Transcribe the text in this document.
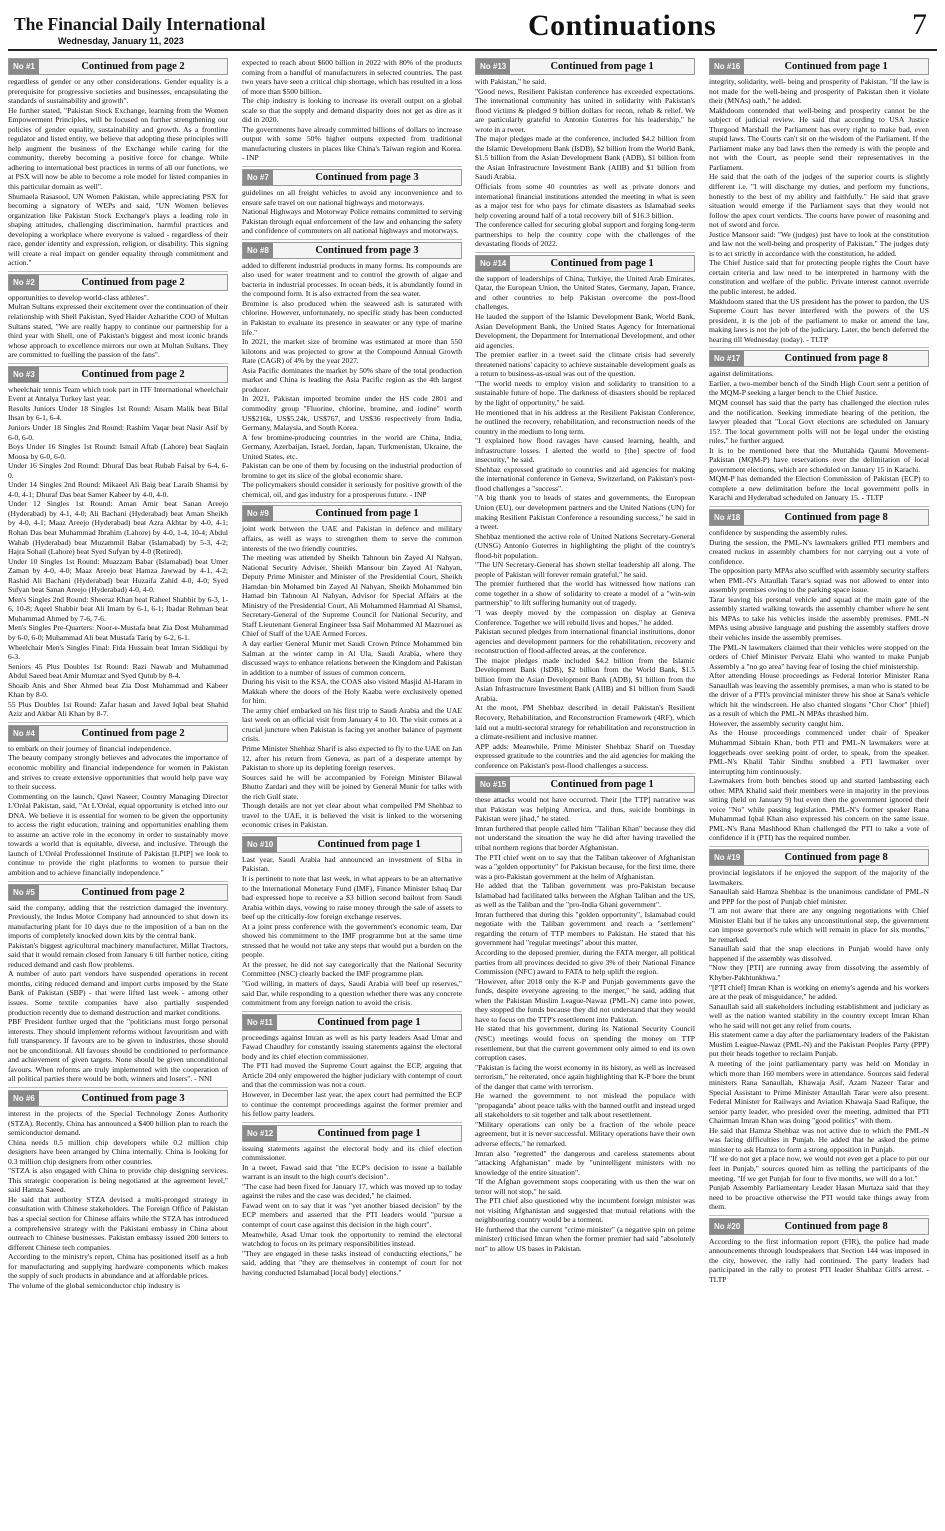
The Financial Daily International
Wednesday, January 11, 2023	Continuations	7
No #1	Continued from page 2

regardless of gender or any other considerations. Gender equality is a prerequisite for progressive societies and businesses, encapsulating the standards of sustainability and growth".
He further stated, "Pakistan Stock Exchange, learning from the Women Empowerment Principles, will be focused on further strengthening our policies of gender equality, sustainability and growth. As a frontline regulator and listed entity, we believe that adopting these principles will help augment the business of the Exchange while caring for the community, thereby becoming a positive force for change. While adhering to international best practices in terms of all our functions, we at PSX will now be able to become a role model for listed companies in this particular domain as well".
Shumaela Rasasool, UN Women Pakistan, while appreciating PSX for becoming a signatory of WEPs and said, "UN Women believes organization like Pakistan Stock Exchange's plays a leading role in shaping attitudes, challenging discrimination, harmful practices and developing a workplace where everyone is valued - regardless of their race, gender identity and expression, religion, or disability. This signing will create a real impact on gender equality through commitment and action."

No #2	Continued from page 2

opportunities to develop world-class athletes".
Multan Sultans expressed their excitement over the continuation of their relationship with Shell Pakistan, Syed Haider Azharithe COO of Multan Sultans stated, "We are really happy to continue our partnership for a third year with Shell, one of Pakistan's biggest and most iconic brands whose approach to excellence mirrors our own at Multan Sultans. They are committed to fuelling the passion of the fans".

No #3	Continued from page 2

wheelchair tennis Team which took part in ITF International wheelchair Event at Antalya Turkey last year.
Results Juniors Under 18 Singles 1st Round: Aisam Malik beat Bilal Ihsan by 6-1, 6-4.
Juniors Under 18 Singles 2nd Round: Rashim Vaqar beat Nasir Asif by 6-0, 6-0.
Boys Under 16 Singles 1st Round: Ismail Aftab (Lahore) beat Saqlain Moosa by 6-0, 6-0.
Under 16 Singles 2nd Round: Dhuraf Das beat Rubab Faisal by 6-4, 6-0.
Under 14 Singles 2nd Round: Mikaeel Ali Baig beat Laraib Shamsi by 4-0, 4-1; Dhuraf Das beat Samer Kabeer by 4-0, 4-0.
Under 12 Singles 1st Round: Aman Amir beat Sanan Areejo (Hyderabad) by 4-1, 4-0; Ali Bachani (Hyderabad) beat Aman Sheikh by 4-0, 4-1; Maaz Areejo (Hyderabad) beat Azra Akhtar by 4-0, 4-1; Rohan Das beat Muhammad Ibrahim (Lahore) by 4-0, 1-4, 10-4; Abdul Wahab (Hyderabad) beat Muzammil Babar (Islamabad) by 5-3, 4-2; Hajra Sohail (Lahore) beat Syed Sufyan by 4-0 (Retired).
Under 10 Singles 1st Round: Muazzam Babar (Islamabad) beat Umer Zaman by 4-0, 4-0; Maaz Areejo beat Hamza Jawwad by 4-1, 4-2; Rashid Ali Bachani (Hyderabad) beat Huzaifa Zahid 4-0, 4-0; Syed Sufyan beat Sanan Areejo (Hyderabad) 4-0, 4-0.
Men's Singles 2nd Round: Sheeraz Khan beat Raheel Shabbir by 6-3, 1-6, 10-8; Aqeel Shabbir beat Ali Imam by 6-1, 6-1; Ibadar Rehman beat Muhammad Ahmed by 7-6, 7-6.
Men's Singles Pre-Quarters: Noor-e-Mustafa beat Zia Dost Muhammad by 6-0, 6-0; Muhammad Ali beat Mustafa Tariq by 6-2, 6-1.
Wheelchair Men's Singles Final: Fida Hussain beat Imran Siddiqui by 6-3.
Seniors 45 Plus Doubles 1st Round: Razi Nawab and Muhammad Abdul Saeed beat Amir Mumtaz and Syed Qutub by 8-4.
Shoaib Anis and Sher Ahmed beat Zia Dost Muhammad and Kabeer Khan by 8-0.
55 Plus Doubles 1st Round: Zafar hasan and Javed Iqbal beat Shahid Aziz and Akbar Ali Khan by 8-7.

No #4	Continued from page 2

to embark on their journey of financial independence.
The beauty company strongly believes and advocates the importance of economic mobility and financial independence for women in Pakistan and strives to create extensive opportunities that would help pave way to their success.
Commenting on the launch, Qawi Naseer, Country Managing Director L'Oréal Pakistan, said, "At L'Oréal, equal opportunity is etched into our DNA. We believe it is essential for women to be given the opportunity to access the right education, training and opportunities enabling them to assume an active role in the economy in order to sustainably move towards a world that is equitable, diverse, and inclusive. Through the launch of L'Oréal Professionnel Institute of Pakistan [LPIP] we look to continue to provide the right platforms to women to pursue their ambition and to achieve financially independence."

No #5	Continued from page 2

said the company, adding that the restriction damaged the inventory. Previously, the Indus Motor Company had announced to shut down its manufacturing plant for 10 days due to the imposition of a ban on the imports of completely knocked down kits by the central bank.
Pakistan's biggest agricultural machinery manufacturer, Millat Tractors, said that it would remain closed from January 6 till further notice, citing reduced demand and cash flow problems.
A number of auto part vendors have suspended operations in recent months, citing reduced demand and import curbs imposed by the State Bank of Pakistan (SBP) - that were lifted last week - among other issues. Some textile companies have also partially suspended production recently due to demand destruction and market conditions.
PBF President further urged that the "politicians must forgo personal interests. They should implement reforms without favouritism and with full transparency. If favours are to be given to industries, those should not be unconditional. All favours should be conditioned to performance and achievement of given targets. None should be given unconditional favours. When reforms are truly implemented with the cooperation of all political parties there would be both, winners and losers". - NNI

No #6	Continued from page 3

interest in the projects of the Special Technology Zones Authority (STZA). Recently, China has announced a $400 billion plan to reach the semiconductor demand.
China needs 0.5 million chip developers while 0.2 million chip designers have been arranged by China internally. China is looking for 0.3 million chip designers from other countries.
"STZA is also engaged with China to provide chip designing services. This strategic cooperation is being negotiated at the agreement level," said Hamza Saeed.
He said that authority STZA devised a multi-pronged strategy in consultation with Chinese stakeholders. The Foreign Office of Pakistan has a special section for Chinese affairs while the STZA has introduced a comprehensive strategy with the Pakistani embassy in China about outreach to Chinese businesses. Pakistan embassy issued 200 letters to different Chinese tech companies.
According to the ministry's report, China has positioned itself as a hub for manufacturing and supplying hardware components which makes the supply of such products in abundance and at affordable prices.
The volume of the global semiconductor chip industry is

expected to reach about $600 billion in 2022 with 80% of the products coming from a handful of manufacturers in selected countries. The past two years have seen a critical chip shortage, which has resulted in a loss of more than $500 billion.
The chip industry is looking to increase its overall output on a global scale so that the supply and demand disparity does not get as dire as it did in 2020.
The governments have already committed billions of dollars to increase output with some 50% higher outputs expected from traditional manufacturing clusters in places like China's Taiwan region and Korea. - INP

No #7	Continued from page 3

guidelines on all freight vehicles to avoid any inconvenience and to ensure safe travel on our national highways and motorways.
National Highways and Motorway Police remains committed to serving Pakistan through equal enforcement of the law and enhancing the safety and confidence of commuters on all national highways and motorways.

No #8	Continued from page 3

added to different industrial products in many forms. Its compounds are also used for water treatment and to control the growth of algae and bacteria in industrial processes. In ocean beds, it is abundantly found in the compound form. It is also extracted from the sea water.
Bromine is also produced when the seaweed ash is saturated with chlorine. However, unfortunately, no specific study has been conducted in Pakistan to evaluate its presence in seawater or any type of marine life."
In 2021, the market size of bromine was estimated at more than 550 kilotons and was projected to grow at the Compound Annual Growth Rate (CAGR) of 4% by the year 2027.
Asia Pacific dominates the market by 50% share of the total production market and China is leading the Asia Pacific region as the 4th largest producer.
In 2021, Pakistan imported bromine under the HS code 2801 and commodity group "Fluorine, chlorine, bromine, and iodine" worth US$216k, US$5.24k, US$767, and US$36 respectively from India, Germany, Malaysia, and South Korea.
A few bromine-producing countries in the world are China, India, Germany, Azerbaijan, Israel, Jordan, Japan, Turkmenistan, Ukraine, the United States, etc.
Pakistan can be one of them by focusing on the industrial production of bromine to get its slice of the global economic share.
The policymakers should consider it seriously for positive growth of the chemical, oil, and gas industry for a prosperous future. - INP

No #9	Continued from page 1

joint work between the UAE and Pakistan in defence and military affairs, as well as ways to strengthen them to serve the common interests of the two friendly countries.
The meeting was attended by Sheikh Tahnoun bin Zayed Al Nahyan, National Security Adviser, Sheikh Mansour bin Zayed Al Nahyan, Deputy Prime Minister and Minister of the Presidential Court, Sheikh Hamdan bin Mohamed bin Zayed Al Nahyan, Sheikh Mohammed bin Hamad bin Tahnoun Al Nahyan, Advisor for Special Affairs at the Ministry of the Presidential Court, Ali Mohammed Hammad Al Shamsi, Secretary-General of the Supreme Council for National Security, and Staff Lieutenant General Engineer Issa Saif Mohammed Al Mazrouei as Chief of Staff of the UAE Armed Forces.
A day earlier General Munir met Saudi Crown Prince Mohammed bin Salman at the winter camp in Al Ula, Saudi Arabia, where they discussed ways to enhance relations between the Kingdom and Pakistan in addition to a number of issues of common concern.
During his visit to the KSA, the COAS also visited Masjid Al-Haram in Makkah where the doors of the Holy Kaaba were exclusively opened for him.
The army chief embarked on his first trip to Saudi Arabia and the UAE last week on an official visit from January 4 to 10. The visit comes at a crucial juncture when Pakistan is facing yet another balance of payment crisis.
Prime Minister Shehbaz Sharif is also expected to fly to the UAE on Jan 12, after his return from Geneva, as part of a desperate attempt by Pakistan to shore up its depleting foreign reserves.
Sources said he will be accompanied by Foreign Minister Bilawal Bhutto Zardari and they will be joined by General Munir for talks with the rich Gulf state.
Though details are not yet clear about what compelled PM Shehbaz to travel to the UAE, it is believed the visit is linked to the worsening economic crises in Pakistan.

No #10	Continued from page 1

Last year, Saudi Arabia had announced an investment of $1ba in Pakistan.
It is pertinent to note that last week, in what appears to be an alternative to the International Monetary Fund (IMF), Finance Minister Ishaq Dar had expressed hope to receive a $3 billion second bailout from Saudi Arabia within days, vowing to raise money through the sale of assets to beef up the critically-low foreign exchange reserves.
At a joint press conference with the government's economic team, Dar showed his commitment to the IMF programme but at the same time stressed that he would not take any steps that would put a burden on the people.
At the presser, he did not say categorically that the National Security Committee (NSC) clearly backed the IMF programme plan.
"God willing, in matters of days, Saudi Arabia will beef up reserves," said Dar, while responding to a question whether there was any concrete commitment from any foreign nation to avoid the crisis.

No #11	Continued from page 1

proceedings against Imran as well as his party leaders Asad Umar and Fawad Chaudhry for constantly issuing statements against the electoral body and its chief election commissioner.
The PTI had moved the Supreme Court against the ECP, arguing that Article 204 only empowered the higher judiciary with contempt of court and that the commission was not a court.
However, in December last year, the apex court had permitted the ECP to continue the contempt proceedings against the former premier and his fellow party leaders.

No #12	Continued from page 1

issuing statements against the electoral body and its chief election commissioner.
In a tweet, Fawad said that "the ECP's decision to issue a bailable warrant is an insult to the high court's decision".
"The case had been fixed for January 17, which was moved up to today against the rules and the case was decided," he claimed.
Fawad went on to say that it was "yet another biased decision" by the ECP members and asserted that the PTI leaders would "pursue a contempt of court case against this decision in the high court".
Meanwhile, Asad Umar took the opportunity to remind the electoral watchdog to focus on its primary responsibilities instead.
"They are engaged in these tasks instead of conducting elections," he said, adding that "they are themselves in contempt of court for not having conducted Islamabad [local body] elections."

No #13	Continued from page 1

with Pakistan," he said.
"Good news, Resilient Pakistan conference has exceeded expectations. The international community has united in solidarity with Pakistan's flood victims & pledged 9 billion dollars for recon, rehab & relief. We are particularly grateful to Antonio Guterres for his leadership," he wrote in a tweet.
The major pledges made at the conference, included $4.2 billion from the Islamic Development Bank (IsDB), $2 billion from the World Bank, $1.5 billion from the Asian Development Bank (ADB), $1 billion from the Asian Infrastructure Investment Bank (AIIB) and $1 billion from Saudi Arabia.
Officials from some 40 countries as well as private donors and international financial institutions attended the meeting in what is seen as a major test for who pays for climate disasters as Islamabad seeks help covering around half of a total recovery bill of $16.3 billion.
The conference called for securing global support and forging long-term partnerships to help the country cope with the challenges of the devastating floods of 2022.

No #14	Continued from page 1

the support of leaderships of China, Turkiye, the United Arab Emirates, Qatar, the European Union, the United States, Germany, Japan, France, and other countries to help Pakistan overcome the post-flood challenges.
He lauded the support of the Islamic Development Bank, World Bank, Asian Development Bank, the United States Agency for International Development, the Department for International Development, and other aid agencies.
The premier earlier in a tweet said the climate crisis had severely threatened nations' capacity to achieve sustainable development goals as a return to business-as-usual was out of the question.
"The world needs to employ vision and solidarity to transition to a sustainable future of hope. The darkness of disasters should be replaced by the light of opportunity," he said.
He mentioned that in his address at the Resilient Pakistan Conference, he outlined the recovery, rehabilitation, and reconstruction needs of the country in the medium to long term.
"I explained how flood ravages have caused learning, health, and infrastructure losses. I alerted the world to [the] spectre of food insecurity," he said.
Shehbaz expressed gratitude to countries and aid agencies for making the international conference in Geneva, Switzerland, on Pakistan's post-flood challenges a "success".
"A big thank you to heads of states and governments, the European Union (EU), our development partners and the United Nations (UN) for making Resilient Pakistan Conference a resounding success," he said in a tweet.
Shehbaz mentioned the active role of United Nations Secretary-General (UNSG) Antonio Guterres in highlighting the plight of the country's flood-hit population.
"The UN Secretary-General has shown stellar leadership all along. The people of Pakistan will forever remain grateful," he said.
The premier furthered that the world has witnessed how nations can come together in a show of solidarity to create a model of a "win-win partnership" to lift suffering humanity out of tragedy.
"I was deeply moved by the compassion on display at Geneva Conference. Together we will rebuild lives and hopes," he added.
Pakistan secured pledges from international financial institutions, donor agencies and development partners for the rehabilitation, recovery and reconstruction of flood-affected areas, at the conference.
The major pledges made included $4.2 billion from the Islamic Development Bank (IsDB), $2 billion from the World Bank, $1.5 billion from the Asian Development Bank (ADB), $1 billion from the Asian Infrastructure Investment Bank (AIIB) and $1 billion from Saudi Arabia.
At the moot, PM Shehbaz described in detail Pakistan's Resilient Recovery, Rehabilitation, and Reconstruction Framework (4RF), which laid out a multi-sectoral strategy for rehabilitation and reconstruction in a climate-resilient and inclusive manner.
APP adds: Meanwhile, Prime Minister Shehbaz Sharif on Tuesday expressed gratitude to the countries and the aid agencies for making the conference on Pakistan's post-flood challenges a success.

No #15	Continued from page 1

these attacks would not have occurred. Their [the TTP] narrative was that Pakistan was helping America, and thus, suicide bombings in Pakistan were jihad," he stated.
Imran furthered that people called him "Taliban Khan" because they did not understand the situation the way he did after having travelled the tribal northern regions that border Afghanistan.
The PTI chief went on to say that the Taliban takeover of Afghanistan was a "golden opportunity" for Pakistan because, for the first time, there was a pro-Pakistan government at the helm of Afghanistan.
He added that the Taliban government was pro-Pakistan because Islamabad had facilitated talks between the Afghan Taliban and the US, as well as the Taliban and the "pro-India Ghani government".
Imran furthered that during this "golden opportunity", Islamabad could negotiate with the Taliban government and reach a "settlement" regarding the return of TTP members to Pakistan. He stated that his government had "regular meetings" about this matter.
According to the deposed premier, during the FATA merger, all political parties from all provinces decided to give 3% of their National Finance Commission (NFC) award to FATA to help uplift the region.
"However, after 2018 only the K-P and Punjab governments gave the funds, despite everyone agreeing to the merger," he said, adding that when the Pakistan Muslim League-Nawaz (PML-N) came into power, they stopped the funds because they did not understand that they would have to focus on the TTP's resettlement into Pakistan.
He stated that his government, during its National Security Council (NSC) meetings would focus on spending the money on TTP resettlement, but that the current government only aimed to end its own corruption cases.
"Pakistan is facing the worst economy in its history, as well as increased terrorism," he reiterated, once again highlighting that K-P bore the brunt of the danger that came with terrorism.
He warned the government to not mislead the populace with "propaganda" about peace talks with the banned outfit and instead urged all stakeholders to sit together and talk about resettlement.
"Military operations can only be a fraction of the whole peace agreement, but it is never successful. Military operations have their own adverse effects," he remarked.
Imran also "regretted" the dangerous and careless statements about "attacking Afghanistan" made by "unintelligent ministers with no knowledge of the entire situation".
"If the Afghan government stops cooperating with us then the war on terror will not stop," he said.
The PTI chief also questioned why the incumbent foreign minister was not visiting Afghanistan and suggested that mutual relations with the neighbouring country would be a torment.
He furthered that the current "crime minister" (a negative spin on prime minister) criticised Imran when the former premier had said "absolutely not" to allow US bases in Pakistan.

No #16	Continued from page 1

integrity, solidarity, well- being and prosperity of Pakistan. "If the law is not made for the well-being and prosperity of Pakistan then it violate their (MNAs) oath," he added.
Makhdoom contended that well-being and prosperity cannot be the subject of judicial review. He said that according to USA Justice Thurgood Marshall the Parliament has every right to make bad, even stupid laws. The Courts can't sit on the wisdom of the Parliament. If the Parliament make any bad laws then the remedy is with the people and not with the Court, as people send their representatives in the Parliament.
He said that the oath of the judges of the superior courts is slightly different i.e. "I will discharge my duties, and perform my functions, honestly to the best of my ability and faithfully." He said that grave situation would emerge if the Parliament says that they would not follow the apex court verdicts. The courts have power of reasoning and not of sword and force.
Justice Mansoor said: "We (judges) just have to look at the constitution and law not the well-being and prosperity of Pakistan." The judges duty is to act strictly in accordance with the constitution, he added.
The Chief Justice said that for protecting people rights the Court have certain criteria and law need to be interpreted in harmony with the constitution and welfare of the public. Private interest cannot override the public interest, he added.
Makhdoom stated that the US president has the power to pardon, the US Supreme Court has never interfered with the powers of the US president, it is the job of the parliament to make or amend the law, making laws is not the job of the judiciary. Later, the bench deferred the hearing till Wednesday (today). - TLTP

No #17	Continued from page 8

against delimitations.
Earlier, a two-member bench of the Sindh High Court sent a petition of the MQM-P seeking a larger bench to the Chief Justice.
MQM counsel has said that the party has challenged the election rules and the notification. Seeking immediate hearing of the petition, the lawyer pleaded that "Local Govt elections are scheduled on January 15?. The local government polls will not be legal under the existing rules," he further argued.
It is to be mentioned here that the Muttahida Qaumi Movement-Pakistan (MQM-P) have reservations over the delimitation of local government elections, which are scheduled on January 15 in Karachi.
MQM-P has demanded the Election Commission of Pakistan (ECP) to complete a new delimitation before the local government polls in Karachi and Hyderabad scheduled on January 15. - TLTP

No #18	Continued from page 8

confidence by suspending the assembly rules.
During the session, the PML-N's lawmakers grilled PTI members and created ruckus in assembly chambers for not carrying out a vote of confidence.
The opposition party MPAs also scuffled with assembly security staffers when PML-N's Attaullah Tarar's squad was not allowed to enter into assembly premises owing to the parking space issue.
Tarar leaving his personal vehicle and squad at the main gate of the assembly started walking towards the assembly chamber where he sent his MPAs to take his vehicles inside the assembly premises. PML-N MPAs using abusive language and pushing the assembly staffers drove their vehicles inside the assembly premises.
The PML-N lawmakers claimed that their vehicles were stopped on the orders of Chief Minister Pervaiz Elahi who wanted to make Punjab Assembly a "no go area" having fear of losing the chief ministership.
After attending House proceedings as Federal Interior Minister Rana Sanaullah was leaving the assembly premises, a man who is stated to be the driver of a PTI's provincial minister threw his shoe at Sana's vehicle which hit the windscreen. He also chanted slogans "Chor Chor" [thief] as a result of which the PML-N MPAs thrashed him.
However, the assembly security caught him.
As the House proceedings commenced under chair of Speaker Muhammad Sibtain Khan, both PTI and PML-N lawmakers were at loggerheads over seeking point of order, to speak, from the speaker. PML-N's Khalil Tahir Sindhu snubbed a PTI lawmaker over interrupting him continuously.
Lawmakers from both benches stood up and started lambasting each other. MPA Khalid said their members were in majority in the previous sitting (held on January 9) but even then the government ignored their voice "No" while passing legislation. PML-N's former speaker Rana Muhammad Iqbal Khan also expressed his concern on the same issue. PML-N's Rana Mashhood Khan challenged the PTI to take a vote of confidence if it (PTI) has the required number.

No #19	Continued from page 8

provincial legislators if he enjoyed the support of the majority of the lawmakers.
Sanaullah said Hamza Shehbaz is the unanimous candidate of PML-N and PPP for the post of Punjab chief minister.
"I am not aware that there are any ongoing negotiations with Chief Minister Elahi but if he takes any unconstitutional step, the government can impose governor's rule which will remain in place for six months," he remarked.
Sanaullah said that the snap elections in Punjab would have only happened if the assembly was dissolved.
"Now they [PTI] are running away from dissolving the assembly of Khyber-Pakhtunkhwa."
"[PTI chief] Imran Khan is working on enemy's agenda and his workers are at the peak of misguidance," he added.
Sanaullah said all stakeholders including establishment and judiciary as well as the nation wanted stability in the country except Imran Khan who he said will not get any relief from courts.
His statement came a day after the parliamentary leaders of the Pakistan Muslim League-Nawaz (PML-N) and the Pakistan Peoples Party (PPP) put their heads together to reclaim Punjab.
A meeting of the joint parliamentary party was held on Monday in which more than 160 members were in attendance. Sources said federal ministers Rana Sanaullah, Khawaja Asif, Azam Nazeer Tarar and Special Assistant to Prime Minister Attaullah Tarar were also present. Federal Minister for Railways and Aviation Khawaja Saad Rafique, the senior party leader, who presided over the meeting, admitted that PTI Chairman Imran Khan was doing "good politics" with them.
He said that Hamza Shehbaz was not active due to which the PML-N was facing difficulties in Punjab. He added that he asked the prime minister to ask Hamza to form a strong opposition in Punjab.
"If we do not get a place now, we would not even get a place to put our feet in Punjab," sources quoted him as telling the participants of the meeting. "If we get Punjab for four to five months, we will do a lot."
Punjab Assembly Parliamentary Leader Hasan Murtaza said that they need to be proactive otherwise the PTI would take things away from them.

No #20	Continued from page 8

According to the first information report (FIR), the police had made announcements through loudspeakers that Section 144 was imposed in the city, however, the rally had continued. The party leaders had participated in the rally to protest PTI leader Shahbaz Gill's arrest. - TLTP
